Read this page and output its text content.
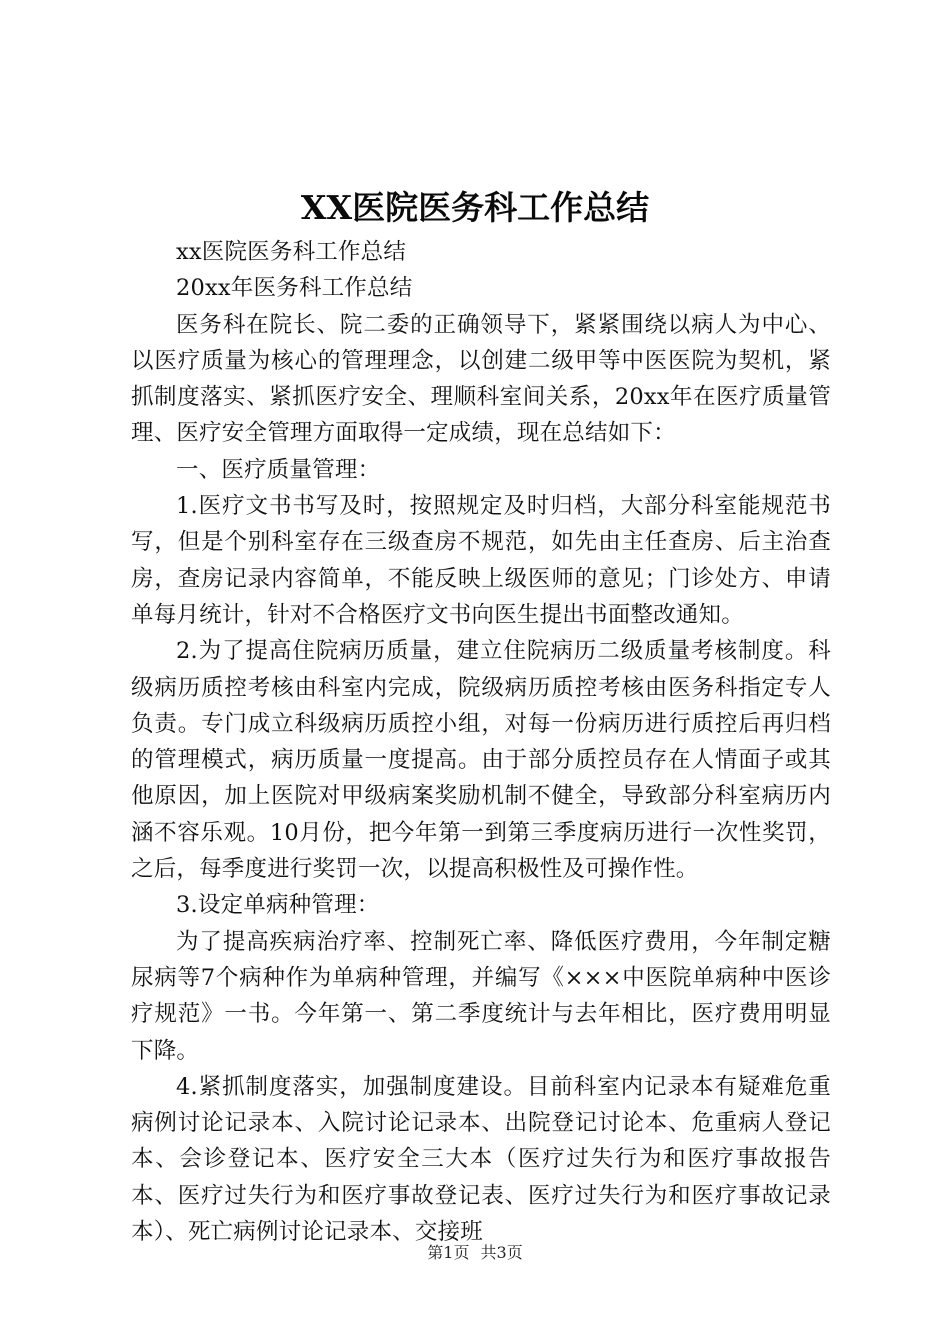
XX医院医务科工作总结

xx医院医务科工作总结

20xx年医务科工作总结

医务科在院长、院二委的正确领导下，紧紧围绕以病人为中心、以医疗质量为核心的管理理念，以创建二级甲等中医医院为契机，紧抓制度落实、紧抓医疗安全、理顺科室间关系，20xx年在医疗质量管理、医疗安全管理方面取得一定成绩，现在总结如下：

一、医疗质量管理：

1.医疗文书书写及时，按照规定及时归档，大部分科室能规范书写，但是个别科室存在三级查房不规范，如先由主任查房、后主治查房，查房记录内容简单，不能反映上级医师的意见；门诊处方、申请单每月统计，针对不合格医疗文书向医生提出书面整改通知。

2.为了提高住院病历质量，建立住院病历二级质量考核制度。科级病历质控考核由科室内完成，院级病历质控考核由医务科指定专人负责。专门成立科级病历质控小组，对每一份病历进行质控后再归档的管理模式，病历质量一度提高。由于部分质控员存在人情面子或其他原因，加上医院对甲级病案奖励机制不健全，导致部分科室病历内涵不容乐观。10月份，把今年第一到第三季度病历进行一次性奖罚，之后，每季度进行奖罚一次，以提高积极性及可操作性。

3.设定单病种管理：

为了提高疾病治疗率、控制死亡率、降低医疗费用，今年制定糖尿病等7个病种作为单病种管理，并编写《×××中医院单病种中医诊疗规范》一书。今年第一、第二季度统计与去年相比，医疗费用明显下降。

4.紧抓制度落实，加强制度建设。目前科室内记录本有疑难危重病例讨论记录本、入院讨论记录本、出院登记讨论本、危重病人登记本、会诊登记本、医疗安全三大本（医疗过失行为和医疗事故报告本、医疗过失行为和医疗事故登记表、医疗过失行为和医疗事故记录本）、死亡病例讨论记录本、交接班

第1页 共3页
